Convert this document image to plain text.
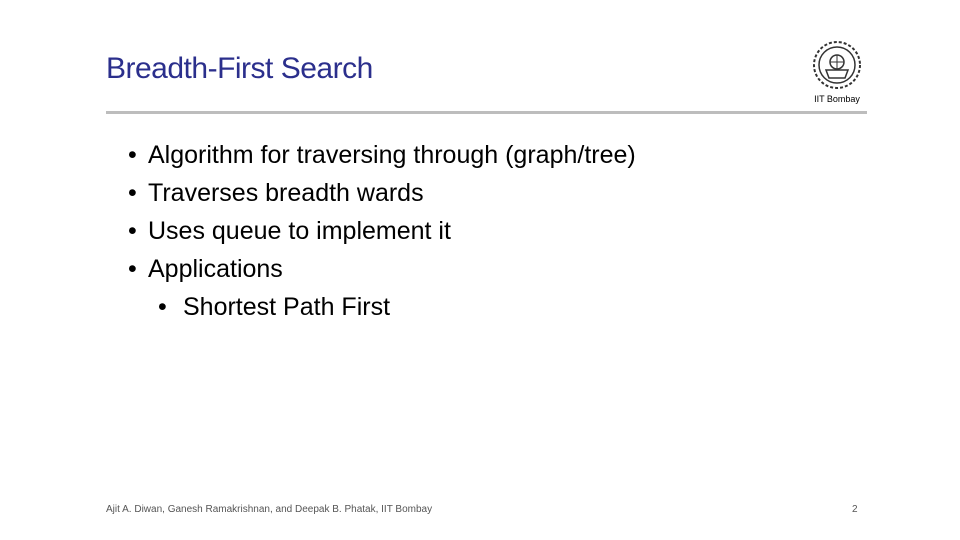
Breadth-First Search
IIT Bombay
• Algorithm for traversing through (graph/tree)
• Traverses breadth wards
• Uses queue to implement it
• Applications
• Shortest Path First
Ajit A. Diwan, Ganesh Ramakrishnan, and Deepak B. Phatak, IIT Bombay	2
